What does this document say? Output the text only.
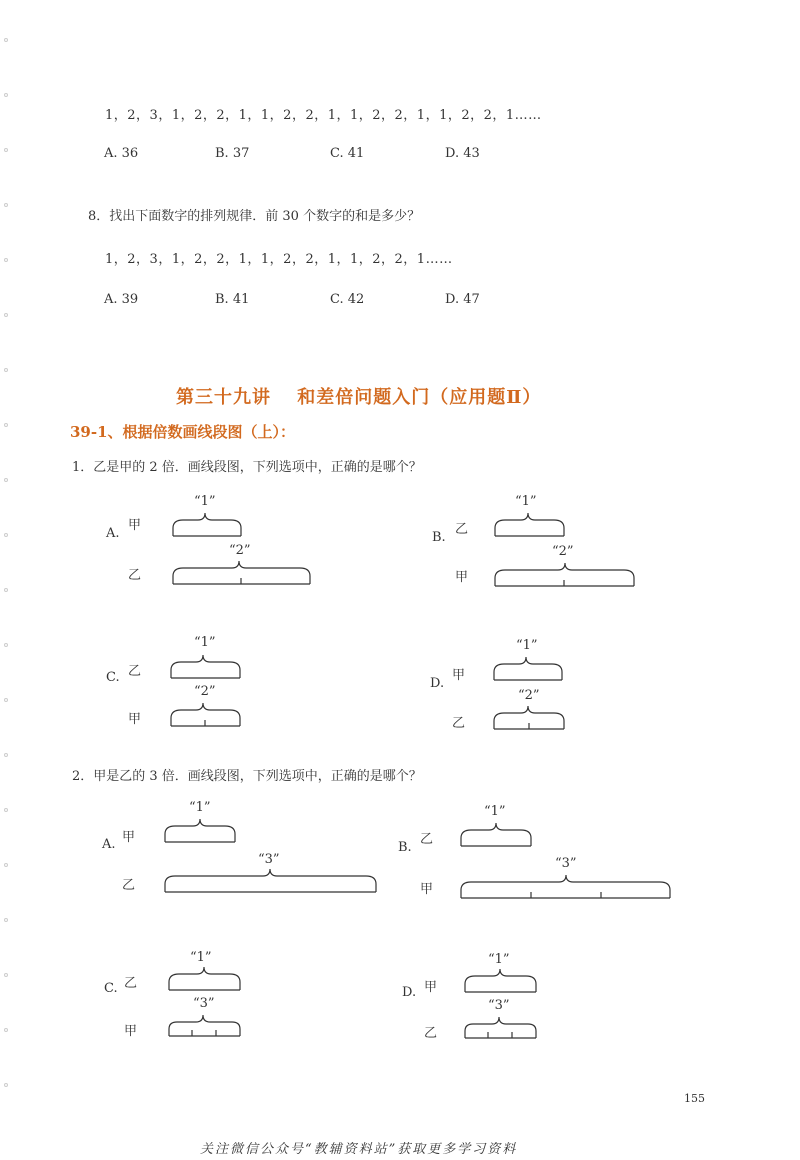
1，2，3，1，2，2，1，1，2，2，1，1，2，2，1，1，2，2，1……
A. 36	B. 37	C. 41	D. 43
8．找出下面数字的排列规律．前 30 个数字的和是多少？
1，2，3，1，2，2，1，1，2，2，1，1，2，2，1……
A. 39	B. 41	C. 42	D. 47
第三十九讲　 和差倍问题入门（应用题Ⅱ）
39-1、根据倍数画线段图（上）：
1．乙是甲的 2 倍．画线段图，下列选项中，正确的是哪个？
A.
甲
乙
“1”
“2”
B.
乙
甲
“1”
“2”
C. 乙
甲
“1”
“2”
D.
甲
乙
“1”
“2”
2．甲是乙的 3 倍．画线段图，下列选项中，正确的是哪个？
A. 甲
乙
“1”
“3”
B.
乙
甲
“1”
“3”
C. 乙
甲
“1”
“3”
D. 甲
乙
“1”
“3”
155
关注微信公众号“教辅资料站”获取更多学习资料
